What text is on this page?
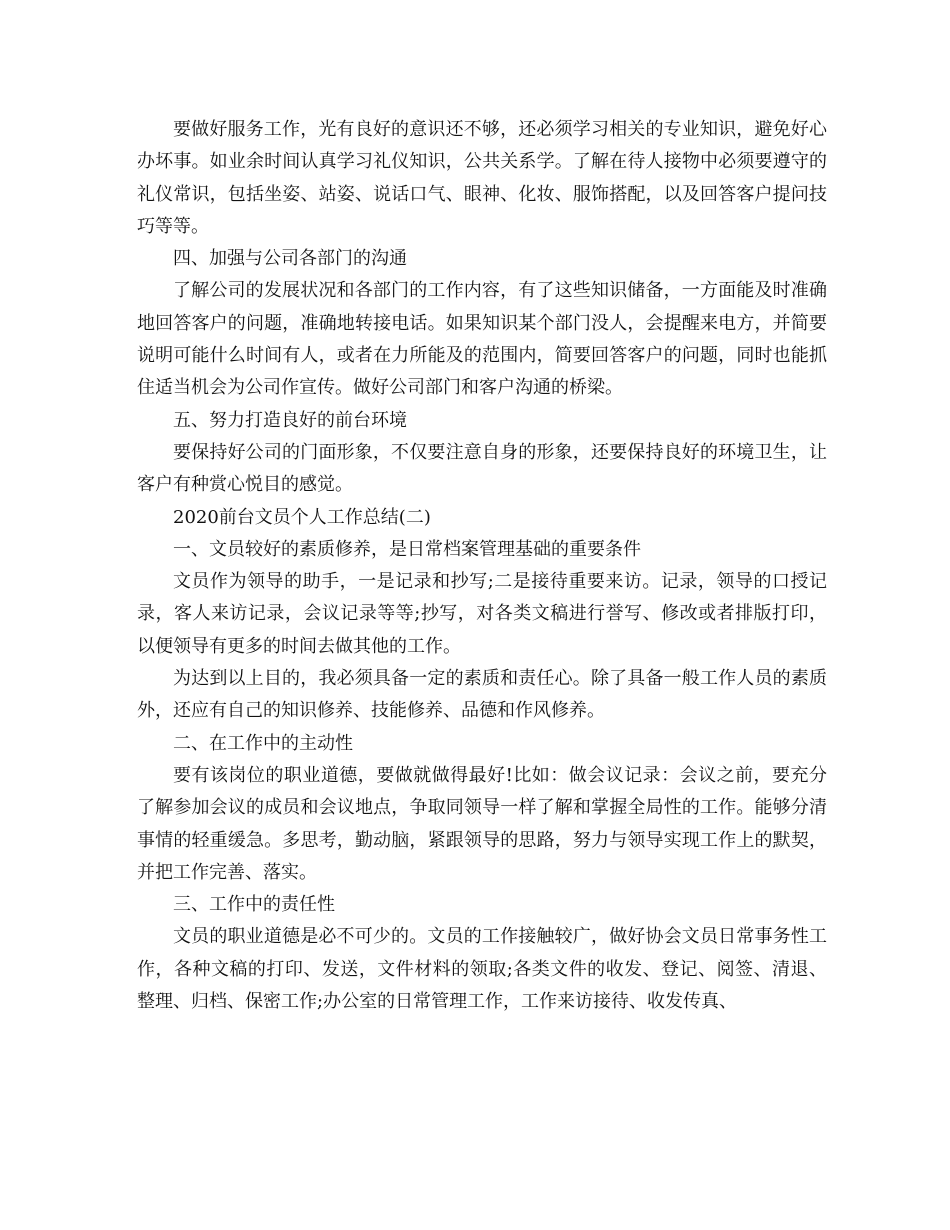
要做好服务工作，光有良好的意识还不够，还必须学习相关的专业知识，避免好心办坏事。如业余时间认真学习礼仪知识，公共关系学。了解在待人接物中必须要遵守的礼仪常识，包括坐姿、站姿、说话口气、眼神、化妆、服饰搭配，以及回答客户提问技巧等等。

四、加强与公司各部门的沟通

了解公司的发展状况和各部门的工作内容，有了这些知识储备，一方面能及时准确地回答客户的问题，准确地转接电话。如果知识某个部门没人，会提醒来电方，并简要说明可能什么时间有人，或者在力所能及的范围内，简要回答客户的问题，同时也能抓住适当机会为公司作宣传。做好公司部门和客户沟通的桥梁。

五、努力打造良好的前台环境

要保持好公司的门面形象，不仅要注意自身的形象，还要保持良好的环境卫生，让客户有种赏心悦目的感觉。

2020前台文员个人工作总结(二)

一、文员较好的素质修养，是日常档案管理基础的重要条件

文员作为领导的助手，一是记录和抄写;二是接待重要来访。记录，领导的口授记录，客人来访记录，会议记录等等;抄写，对各类文稿进行誉写、修改或者排版打印，以便领导有更多的时间去做其他的工作。

为达到以上目的，我必须具备一定的素质和责任心。除了具备一般工作人员的素质外，还应有自己的知识修养、技能修养、品德和作风修养。

二、在工作中的主动性

要有该岗位的职业道德，要做就做得最好!比如：做会议记录：会议之前，要充分了解参加会议的成员和会议地点，争取同领导一样了解和掌握全局性的工作。能够分清事情的轻重缓急。多思考，勤动脑，紧跟领导的思路，努力与领导实现工作上的默契，并把工作完善、落实。

三、工作中的责任性

文员的职业道德是必不可少的。文员的工作接触较广，做好协会文员日常事务性工作，各种文稿的打印、发送，文件材料的领取;各类文件的收发、登记、阅签、清退、整理、归档、保密工作;办公室的日常管理工作，工作来访接待、收发传真、
